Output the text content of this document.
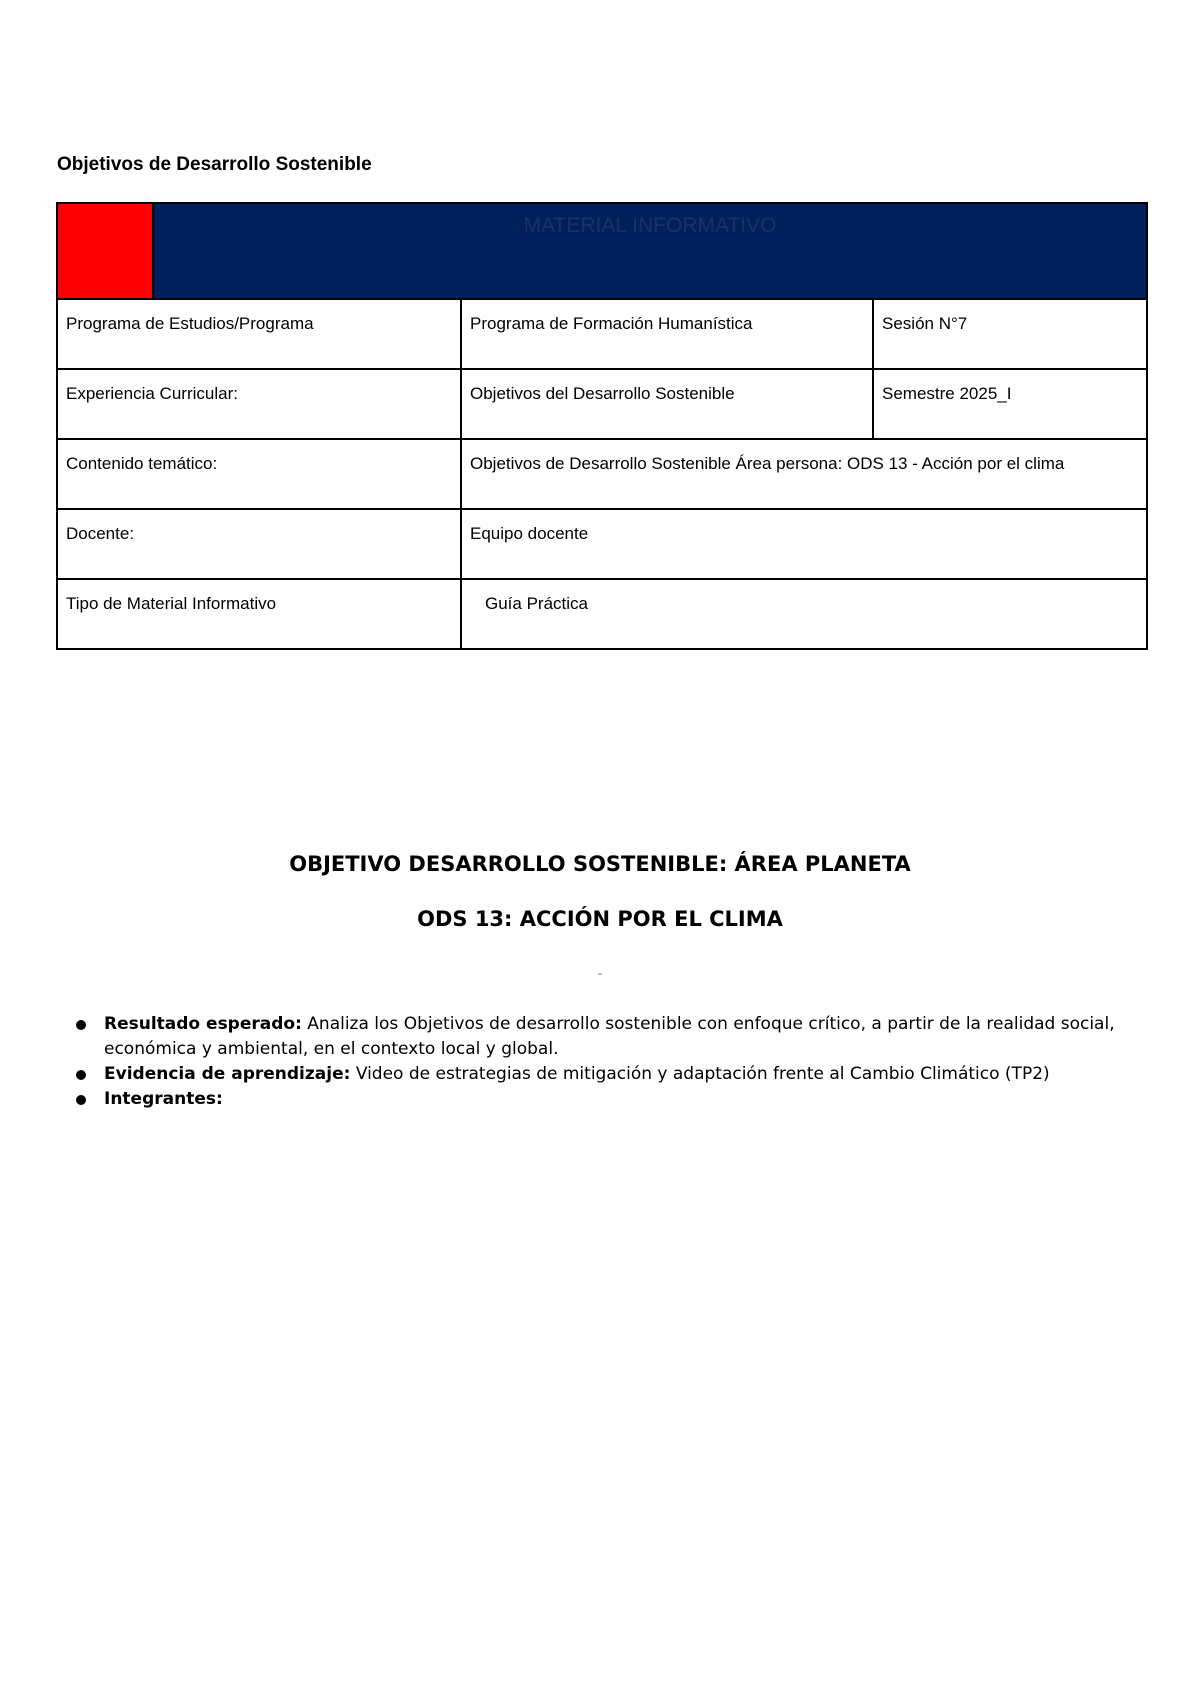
Objetivos de Desarrollo Sostenible

	MATERIAL INFORMATIVO		

Programa de Estudios/Programa		Programa de Formación Humanística	Sesión N°7
Experiencia Curricular:		Objetivos del Desarrollo Sostenible	Semestre 2025_I
Contenido temático:		Objetivos de Desarrollo Sostenible Área persona: ODS 13 - Acción por el clima	
Docente:		Equipo docente	
Tipo de Material Informativo		Guía Práctica	
OBJETIVO DESARROLLO SOSTENIBLE: ÁREA PLANETA
ODS 13: ACCIÓN POR EL CLIMA
-
Resultado esperado: Analiza los Objetivos de desarrollo sostenible con enfoque crítico, a partir de la realidad social, económica y ambiental, en el contexto local y global.
Evidencia de aprendizaje: Video de estrategias de mitigación y adaptación frente al Cambio Climático (TP2)
Integrantes:
